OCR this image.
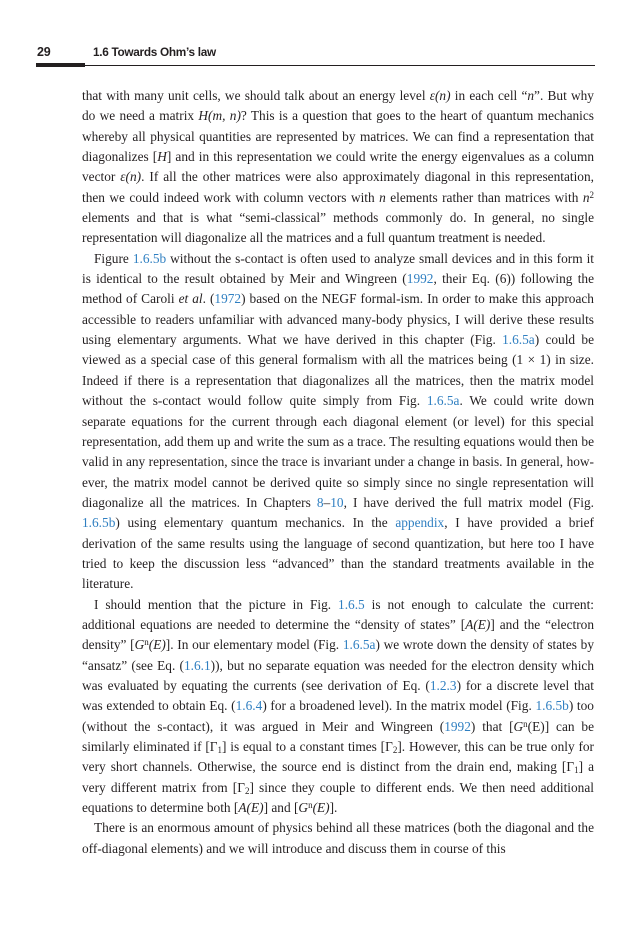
29	1.6 Towards Ohm’s law

that with many unit cells, we should talk about an energy level ε(n) in each cell “n”. But why do we need a matrix H(m, n)? This is a question that goes to the heart of quantum mechanics whereby all physical quantities are represented by matrices. We can find a representation that diagonalizes [H] and in this representation we could write the energy eigenvalues as a column vector ε(n). If all the other matrices were also approximately diagonal in this representation, then we could indeed work with column vectors with n elements rather than matrices with $n^2$ elements and that is what “semi-classical” methods commonly do. In general, no single representation will diagonalize all the matrices and a full quantum treatment is needed.

Figure 1.6.5b without the s-contact is often used to analyze small devices and in this form it is identical to the result obtained by Meir and Wingreen (1992, their Eq. (6)) following the method of Caroli et al. (1972) based on the NEGF formal-ism. In order to make this approach accessible to readers unfamiliar with advanced many-body physics, I will derive these results using elementary arguments. What we have derived in this chapter (Fig. 1.6.5a) could be viewed as a special case of this general formalism with all the matrices being (1 × 1) in size. Indeed if there is a representation that diagonalizes all the matrices, then the matrix model without the s-contact would follow quite simply from Fig. 1.6.5a. We could write down separate equations for the current through each diagonal element (or level) for this special representation, add them up and write the sum as a trace. The resulting equations would then be valid in any representation, since the trace is invariant under a change in basis. In general, how-ever, the matrix model cannot be derived quite so simply since no single representation will diagonalize all the matrices. In Chapters 8–10, I have derived the full matrix model (Fig. 1.6.5b) using elementary quantum mechanics. In the appendix, I have provided a brief derivation of the same results using the language of second quantization, but here too I have tried to keep the discussion less “advanced” than the standard treatments available in the literature.

I should mention that the picture in Fig. 1.6.5 is not enough to calculate the current: additional equations are needed to determine the “density of states” [A(E)] and the “electron density” $[G^n(E)]$. In our elementary model (Fig. 1.6.5a) we wrote down the density of states by “ansatz” (see Eq. (1.6.1)), but no separate equation was needed for the electron density which was evaluated by equating the currents (see derivation of Eq. (1.2.3) for a discrete level that was extended to obtain Eq. (1.6.4) for a broadened level). In the matrix model (Fig. 1.6.5b) too (without the s-contact), it was argued in Meir and Wingreen (1992) that $[G^n(E)]$ can be similarly eliminated if $[\Gamma_1]$ is equal to a constant times $[\Gamma_2]$. However, this can be true only for very short channels. Otherwise, the source end is distinct from the drain end, making $[\Gamma_1]$ a very different matrix from $[\Gamma_2]$ since they couple to different ends. We then need additional equations to determine both [A(E)] and $[G^n(E)]$.

There is an enormous amount of physics behind all these matrices (both the diagonal and the off-diagonal elements) and we will introduce and discuss them in course of this
